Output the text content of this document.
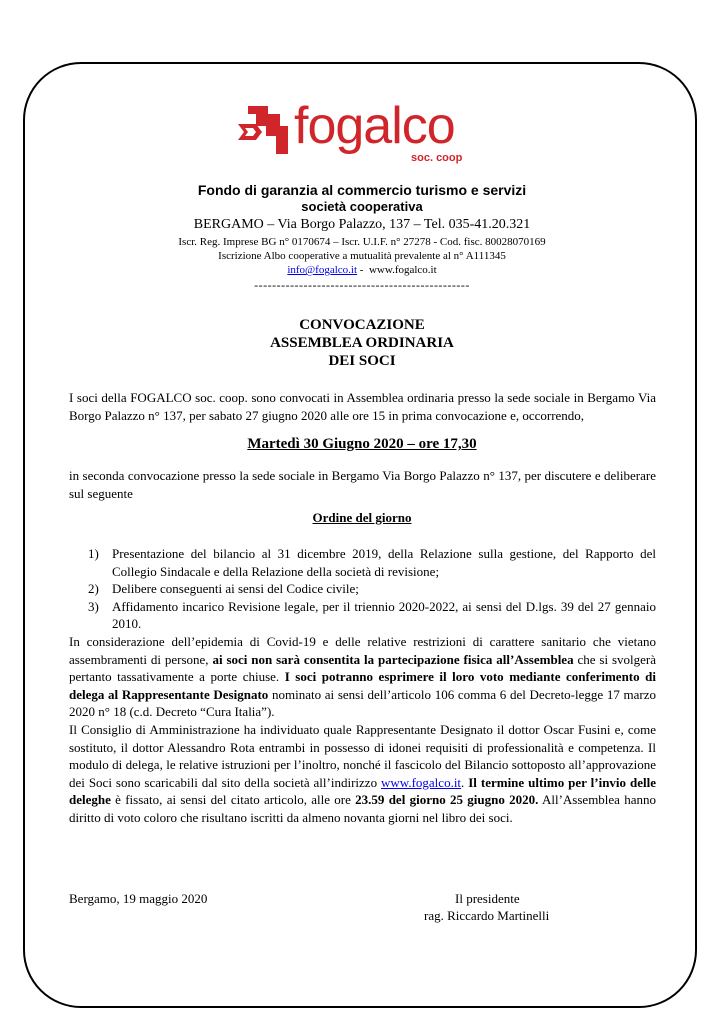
fogalco
soc. coop

Fondo di garanzia al commercio turismo e servizi

società cooperativa

BERGAMO – Via Borgo Palazzo, 137 – Tel. 035-41.20.321

Iscr. Reg. Imprese BG n° 0170674 – Iscr. U.I.F. n° 27278 - Cod. fisc. 80028070169

Iscrizione Albo cooperative a mutualità prevalente al n° A111345

info@fogalco.it -  www.fogalco.it

------------------------------------------------

CONVOCAZIONE
ASSEMBLEA ORDINARIA
DEI SOCI

I soci della FOGALCO soc. coop. sono convocati in Assemblea ordinaria presso la sede sociale in Bergamo Via Borgo Palazzo n° 137, per sabato 27 giugno 2020 alle ore 15 in prima convocazione e, occorrendo,

Martedì 30 Giugno 2020 – ore 17,30

in seconda convocazione presso la sede sociale in Bergamo Via Borgo Palazzo n° 137, per discutere e deliberare sul seguente

Ordine del giorno

1) Presentazione del bilancio al 31 dicembre 2019, della Relazione sulla gestione, del Rapporto del Collegio Sindacale e della Relazione della società di revisione;
2) Delibere conseguenti ai sensi del Codice civile;
3) Affidamento incarico Revisione legale, per il triennio 2020-2022, ai sensi del D.lgs. 39 del 27 gennaio 2010.

In considerazione dell’epidemia di Covid-19 e delle relative restrizioni di carattere sanitario che vietano assembramenti di persone, ai soci non sarà consentita la partecipazione fisica all’Assemblea che si svolgerà pertanto tassativamente a porte chiuse. I soci potranno esprimere il loro voto mediante conferimento di delega al Rappresentante Designato nominato ai sensi dell’articolo 106 comma 6 del Decreto-legge 17 marzo 2020 n° 18 (c.d. Decreto “Cura Italia”).

Il Consiglio di Amministrazione ha individuato quale Rappresentante Designato il dottor Oscar Fusini e, come sostituto, il dottor Alessandro Rota entrambi in possesso di idonei requisiti di professionalità e competenza. Il modulo di delega, le relative istruzioni per l’inoltro, nonché il fascicolo del Bilancio sottoposto all’approvazione dei Soci sono scaricabili dal sito della società all’indirizzo www.fogalco.it. Il termine ultimo per l’invio delle deleghe è fissato, ai sensi del citato articolo, alle ore 23.59 del giorno 25 giugno 2020. All’Assemblea hanno diritto di voto coloro che risultano iscritti da almeno novanta giorni nel libro dei soci.

Bergamo, 19 maggio 2020	Il presidente

rag. Riccardo Martinelli
